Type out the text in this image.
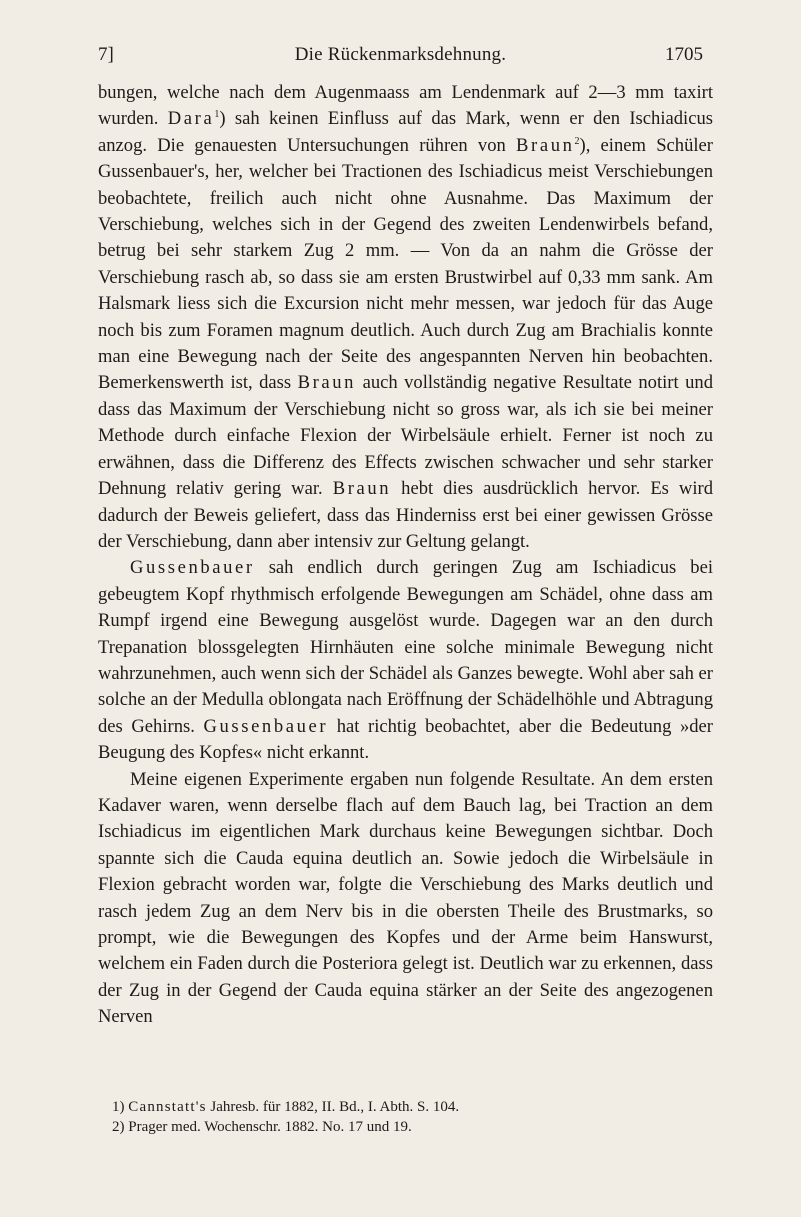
7]	Die Rückenmarksdehnung.	1705

bungen, welche nach dem Augenmaass am Lendenmark auf 2—3 mm taxirt wurden. Dara$^1$) sah keinen Einfluss auf das Mark, wenn er den Ischiadicus anzog. Die genauesten Untersuchungen rühren von Braun$^2$), einem Schüler Gussenbauer's, her, welcher bei Tractionen des Ischiadicus meist Verschiebungen beobachtete, freilich auch nicht ohne Ausnahme. Das Maximum der Verschiebung, welches sich in der Gegend des zweiten Lendenwirbels befand, betrug bei sehr starkem Zug 2 mm. — Von da an nahm die Grösse der Verschiebung rasch ab, so dass sie am ersten Brustwirbel auf 0,33 mm sank. Am Halsmark liess sich die Excursion nicht mehr messen, war jedoch für das Auge noch bis zum Foramen magnum deutlich. Auch durch Zug am Brachialis konnte man eine Bewegung nach der Seite des angespannten Nerven hin beobachten. Bemerkenswerth ist, dass Braun auch vollständig negative Resultate notirt und dass das Maximum der Verschiebung nicht so gross war, als ich sie bei meiner Methode durch einfache Flexion der Wirbelsäule erhielt. Ferner ist noch zu erwähnen, dass die Differenz des Effects zwischen schwacher und sehr starker Dehnung relativ gering war. Braun hebt dies ausdrücklich hervor. Es wird dadurch der Beweis geliefert, dass das Hinderniss erst bei einer gewissen Grösse der Verschiebung, dann aber intensiv zur Geltung gelangt.

Gussenbauer sah endlich durch geringen Zug am Ischiadicus bei gebeugtem Kopf rhythmisch erfolgende Bewegungen am Schädel, ohne dass am Rumpf irgend eine Bewegung ausgelöst wurde. Dagegen war an den durch Trepanation blossgelegten Hirnhäuten eine solche minimale Bewegung nicht wahrzunehmen, auch wenn sich der Schädel als Ganzes bewegte. Wohl aber sah er solche an der Medulla oblongata nach Eröffnung der Schädelhöhle und Abtragung des Gehirns. Gussenbauer hat richtig beobachtet, aber die Bedeutung »der Beugung des Kopfes« nicht erkannt.

Meine eigenen Experimente ergaben nun folgende Resultate. An dem ersten Kadaver waren, wenn derselbe flach auf dem Bauch lag, bei Traction an dem Ischiadicus im eigentlichen Mark durchaus keine Bewegungen sichtbar. Doch spannte sich die Cauda equina deutlich an. Sowie jedoch die Wirbelsäule in Flexion gebracht worden war, folgte die Verschiebung des Marks deutlich und rasch jedem Zug an dem Nerv bis in die obersten Theile des Brustmarks, so prompt, wie die Bewegungen des Kopfes und der Arme beim Hanswurst, welchem ein Faden durch die Posteriora gelegt ist. Deutlich war zu erkennen, dass der Zug in der Gegend der Cauda equina stärker an der Seite des angezogenen Nerven

1) Cannstatt's Jahresb. für 1882, II. Bd., I. Abth. S. 104.
2) Prager med. Wochenschr. 1882. No. 17 und 19.
